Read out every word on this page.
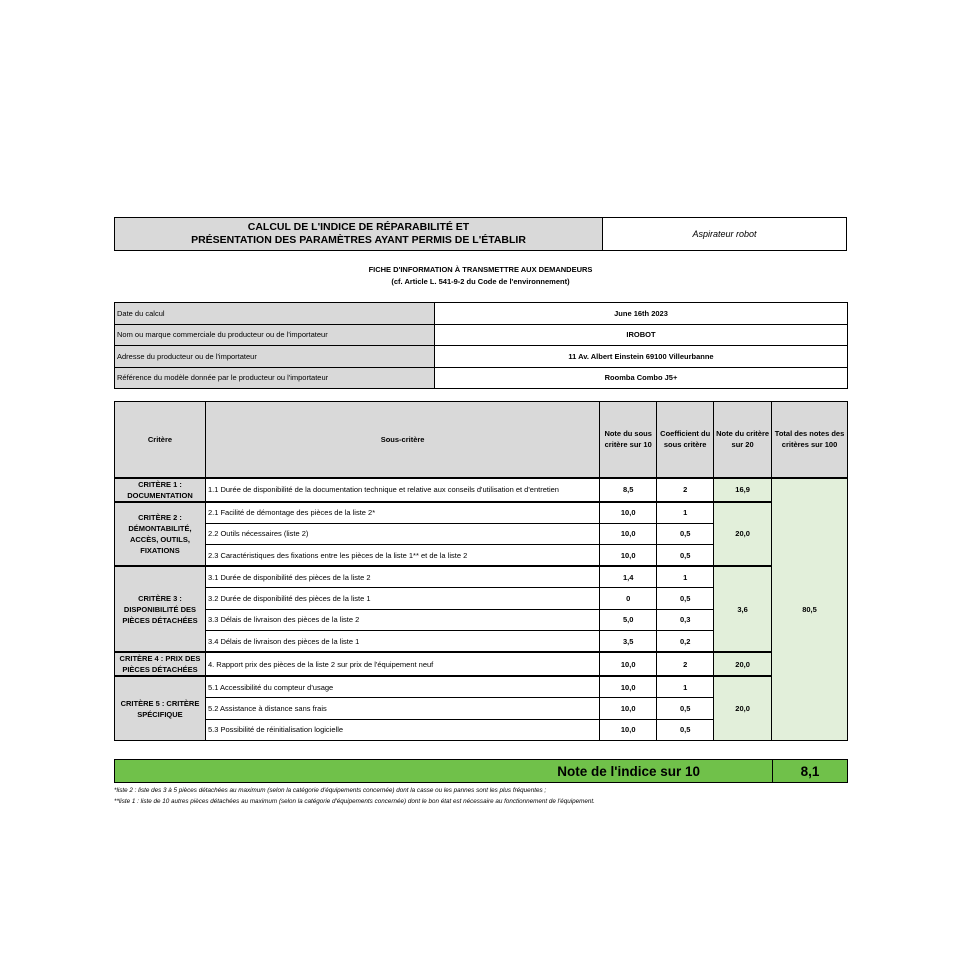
CALCUL DE L'INDICE DE RÉPARABILITÉ ET
PRÉSENTATION DES PARAMÈTRES AYANT PERMIS DE L'ÉTABLIR	Aspirateur robot
FICHE D'INFORMATION À TRANSMETTRE AUX DEMANDEURS
(cf. Article L. 541-9-2 du Code de l'environnement)
Date du calcul	June 16th 2023
Nom ou marque commerciale du producteur ou de l'importateur	IROBOT
Adresse du producteur ou de l'importateur	11 Av. Albert Einstein 69100 Villeurbanne
Référence du modèle donnée par le producteur ou l'importateur	Roomba Combo J5+
Critère	Sous-critère	Note du sous critère sur 10	Coefficient du sous critère	Note du critère sur 20	Total des notes des critères sur 100
CRITÈRE 1 : DOCUMENTATION	1.1 Durée de disponibilité de la documentation technique et relative aux conseils d'utilisation et d'entretien	8,5	2	16,9	80,5
CRITÈRE 2 : DÉMONTABILITÉ, ACCÈS, OUTILS, FIXATIONS	2.1 Facilité de démontage des pièces de la liste 2*	10,0	1	20,0	
	2.2 Outils nécessaires (liste 2)	10,0	0,5		
	2.3 Caractéristiques des fixations entre les pièces de la liste 1** et de la liste 2	10,0	0,5		
CRITÈRE 3 : DISPONIBILITÉ DES PIÈCES DÉTACHÉES	3.1 Durée de disponibilité des pièces de la liste 2	1,4	1	3,6	
	3.2 Durée de disponibilité des pièces de la liste 1	0	0,5		
	3.3 Délais de livraison des pièces de la liste 2	5,0	0,3		
	3.4 Délais de livraison des pièces de la liste 1	3,5	0,2		
CRITÈRE 4 : PRIX DES PIÈCES DÉTACHÉES	4. Rapport prix des pièces de la liste 2 sur prix de l'équipement neuf	10,0	2	20,0	
CRITÈRE 5 : CRITÈRE SPÉCIFIQUE	5.1 Accessibilité du compteur d'usage	10,0	1	20,0	
	5.2 Assistance à distance sans frais	10,0	0,5		
	5.3 Possibilité de réinitialisation logicielle	10,0	0,5		
Note de l'indice sur 10	8,1
*liste 2 : liste des 3 à 5 pièces détachées au maximum (selon la catégorie d'équipements concernée) dont la casse ou les pannes sont les plus fréquentes ;
**liste 1 : liste de 10 autres pièces détachées au maximum (selon la catégorie d'équipements concernée) dont le bon état est nécessaire au fonctionnement de l'équipement.
